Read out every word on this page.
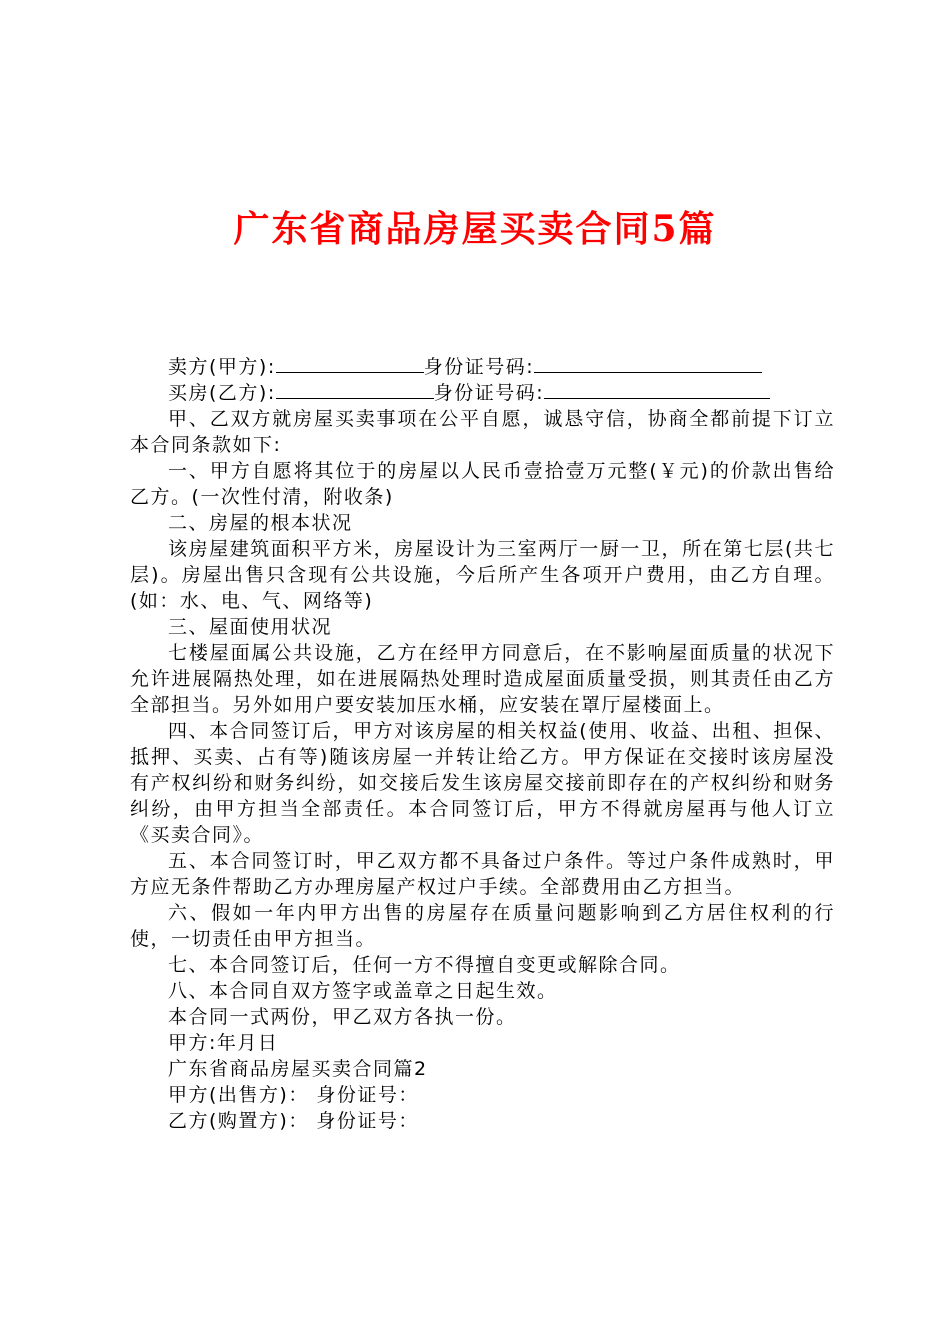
广东省商品房屋买卖合同5篇

卖方(甲方):	身份证号码:

买房(乙方):	身份证号码:

甲、乙双方就房屋买卖事项在公平自愿，诚恳守信，协商全都前提下订立本合同条款如下:

一、甲方自愿将其位于的房屋以人民币壹拾壹万元整(￥元)的价款出售给乙方。(一次性付清，附收条)

二、房屋的根本状况

该房屋建筑面积平方米，房屋设计为三室两厅一厨一卫，所在第七层(共七层)。房屋出售只含现有公共设施，今后所产生各项开户费用，由乙方自理。(如：水、电、气、网络等)

三、屋面使用状况

七楼屋面属公共设施，乙方在经甲方同意后，在不影响屋面质量的状况下允许进展隔热处理，如在进展隔热处理时造成屋面质量受损，则其责任由乙方全部担当。另外如用户要安装加压水桶，应安装在罩厅屋楼面上。

四、本合同签订后，甲方对该房屋的相关权益(使用、收益、出租、担保、抵押、买卖、占有等)随该房屋一并转让给乙方。甲方保证在交接时该房屋没有产权纠纷和财务纠纷，如交接后发生该房屋交接前即存在的产权纠纷和财务纠纷，由甲方担当全部责任。本合同签订后，甲方不得就房屋再与他人订立《买卖合同》。

五、本合同签订时，甲乙双方都不具备过户条件。等过户条件成熟时，甲方应无条件帮助乙方办理房屋产权过户手续。全部费用由乙方担当。

六、假如一年内甲方出售的房屋存在质量问题影响到乙方居住权利的行使，一切责任由甲方担当。

七、本合同签订后，任何一方不得擅自变更或解除合同。

八、本合同自双方签字或盖章之日起生效。

本合同一式两份，甲乙双方各执一份。

甲方:年月日

广东省商品房屋买卖合同篇2

甲方(出售方)： 身份证号：

乙方(购置方)： 身份证号：
